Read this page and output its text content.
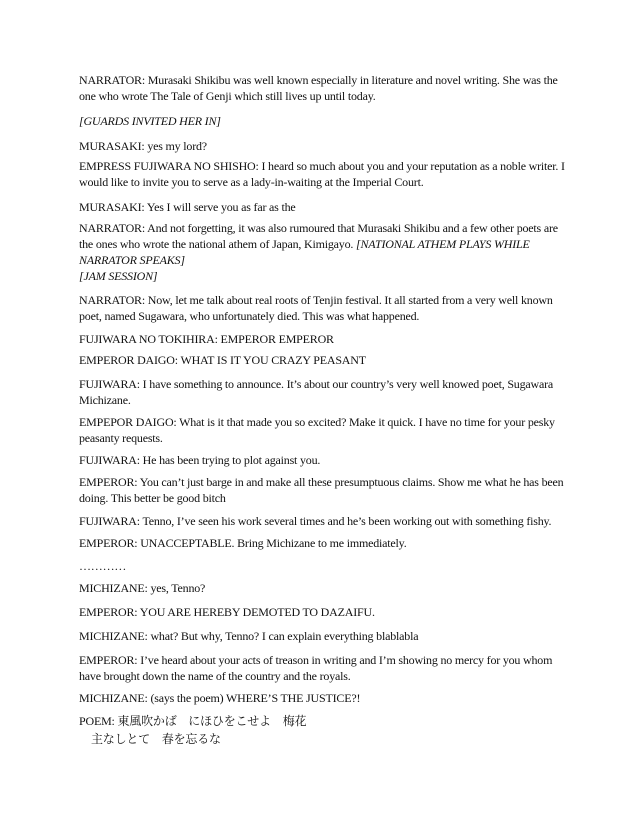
NARRATOR: Murasaki Shikibu was well known especially in literature and novel writing. She was the
one who wrote The Tale of Genji which still lives up until today.

[GUARDS INVITED HER IN]

MURASAKI: yes my lord?

EMPRESS FUJIWARA NO SHISHO: I heard so much about you and your reputation as a noble writer. I
would like to invite you to serve as a lady-in-waiting at the Imperial Court.

MURASAKI: Yes I will serve you as far as the

NARRATOR: And not forgetting, it was also rumoured that Murasaki Shikibu and a few other poets are
the ones who wrote the national athem of Japan, Kimigayo. [NATIONAL ATHEM PLAYS WHILE
NARRATOR SPEAKS]

[JAM SESSION]

NARRATOR: Now, let me talk about real roots of Tenjin festival. It all started from a very well known
poet, named Sugawara, who unfortunately died. This was what happened.

FUJIWARA NO TOKIHIRA: EMPEROR EMPEROR

EMPEROR DAIGO: WHAT IS IT YOU CRAZY PEASANT

FUJIWARA: I have something to announce. It’s about our country’s very well knowed poet, Sugawara
Michizane.

EMPEPOR DAIGO: What is it that made you so excited? Make it quick. I have no time for your pesky
peasanty requests.

FUJIWARA: He has been trying to plot against you.

EMPEROR: You can’t just barge in and make all these presumptuous claims. Show me what he has been
doing. This better be good bitch

FUJIWARA: Tenno, I’ve seen his work several times and he’s been working out with something fishy.

EMPEROR: UNACCEPTABLE. Bring Michizane to me immediately.

…………

MICHIZANE: yes, Tenno?

EMPEROR: YOU ARE HEREBY DEMOTED TO DAZAIFU.

MICHIZANE: what? But why, Tenno? I can explain everything blablabla

EMPEROR: I’ve heard about your acts of treason in writing and I’m showing no mercy for you whom
have brought down the name of the country and the royals.

MICHIZANE: (says the poem) WHERE’S THE JUSTICE?!

POEM: 東風吹かば　にほひをこせよ　梅花

主なしとて　春を忘るな
